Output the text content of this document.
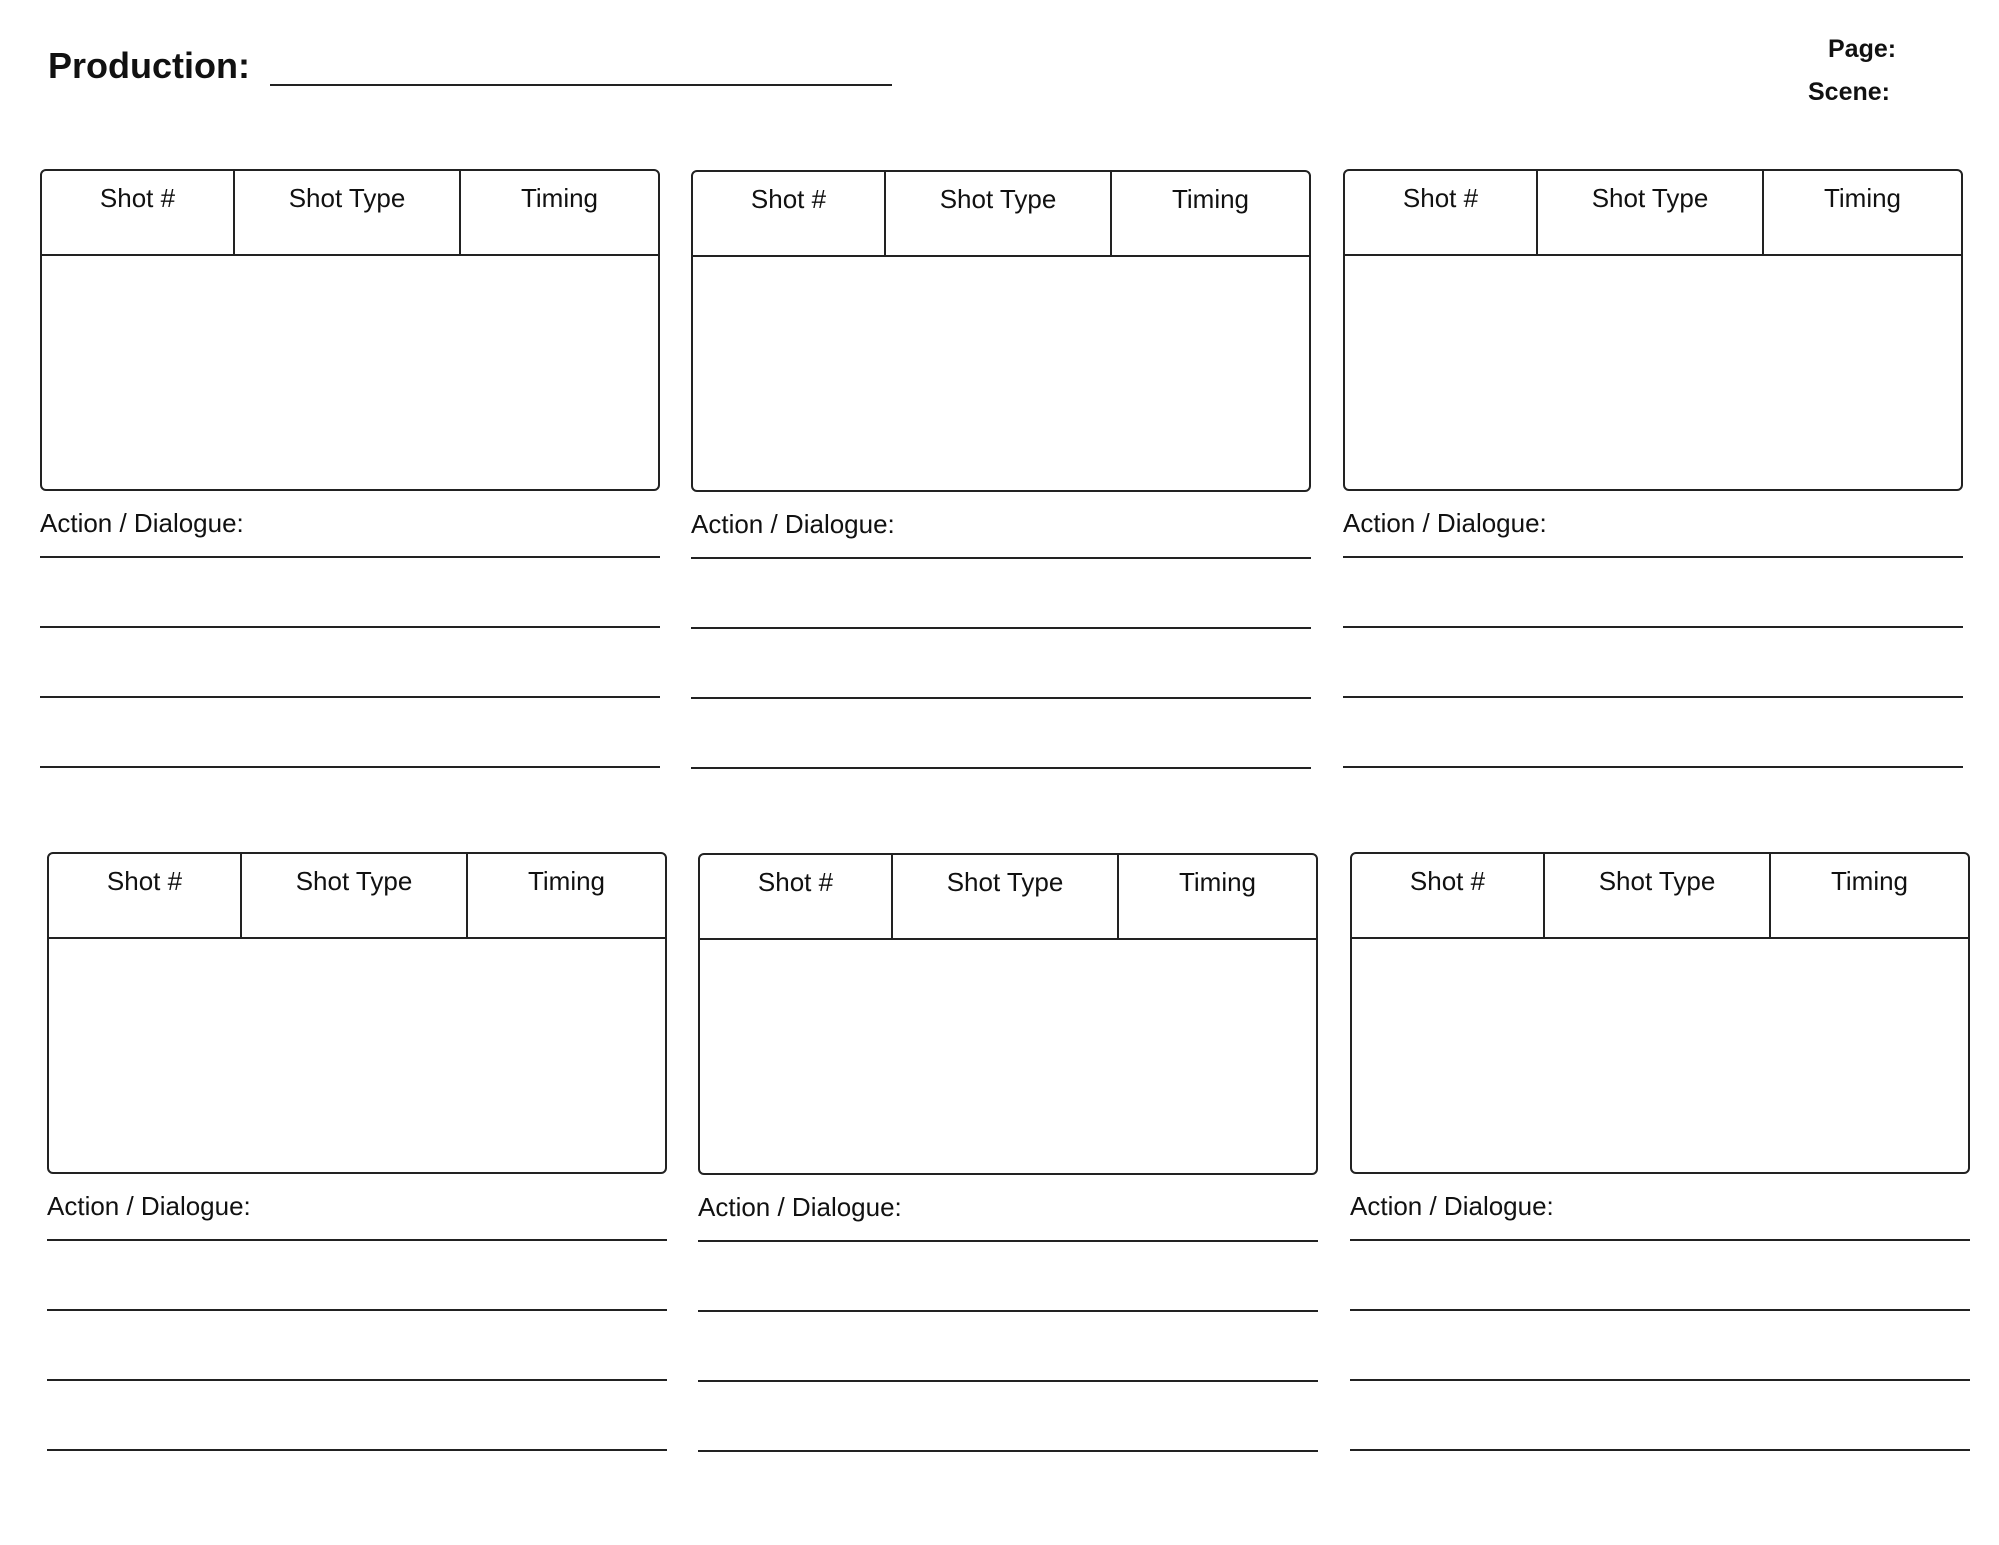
Production:	Page:
Scene:
Shot #	Shot Type	Timing
Action / Dialogue:
Shot #	Shot Type	Timing
Action / Dialogue:
Shot #	Shot Type	Timing
Action / Dialogue:
Shot #	Shot Type	Timing
Action / Dialogue:
Shot #	Shot Type	Timing
Action / Dialogue:
Shot #	Shot Type	Timing
Action / Dialogue:
